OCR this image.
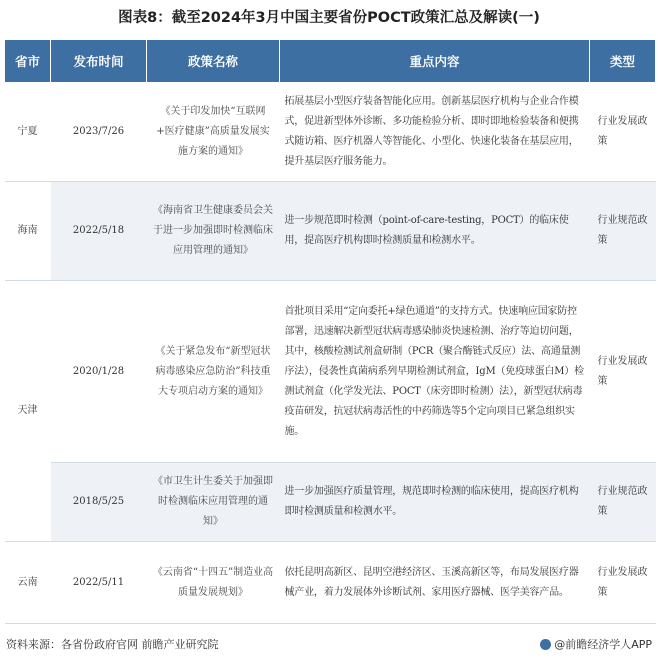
图表8：截至2024年3月中国主要省份POCT政策汇总及解读(一)
省市	发布时间	政策名称	重点内容	类型
宁夏	2023/7/26	《关于印发加快“互联网+医疗健康”高质量发展实施方案的通知》	拓展基层小型医疗装备智能化应用。创新基层医疗机构与企业合作模式，促进新型体外诊断、多功能检验分析、即时即地检验装备和便携式随访箱、医疗机器人等智能化、小型化、快速化装备在基层应用，提升基层医疗服务能力。	行业发展政策
海南	2022/5/18	《海南省卫生健康委员会关于进一步加强即时检测临床应用管理的通知》	进一步规范即时检测（point-of-care-testing，POCT）的临床使用，提高医疗机构即时检测质量和检测水平。	行业规范政策
天津	2020/1/28	《关于紧急发布“新型冠状病毒感染应急防治”科技重大专项启动方案的通知》	首批项目采用“定向委托+绿色通道”的支持方式。快速响应国家防控部署，迅速解决新型冠状病毒感染肺炎快速检测、治疗等迫切问题，其中，核酸检测试剂盒研制（PCR（聚合酶链式反应）法、高通量测序法），侵袭性真菌病系列早期检测试剂盒，IgM（免疫球蛋白M）检测试剂盒（化学发光法、POCT（床旁即时检测）法），新型冠状病毒疫苗研发，抗冠状病毒活性的中药筛选等5个定向项目已紧急组织实施。	行业发展政策
	2018/5/25	《市卫生计生委关于加强即时检测临床应用管理的通知》	进一步加强医疗质量管理，规范即时检测的临床使用，提高医疗机构即时检测质量和检测水平。	行业规范政策
云南	2022/5/11	《云南省“十四五”制造业高质量发展规划》	依托昆明高新区、昆明空港经济区、玉溪高新区等，布局发展医疗器械产业，着力发展体外诊断试剂、家用医疗器械、医学美容产品。	行业发展政策
资料来源：各省份政府官网 前瞻产业研究院	@前瞻经济学人APP
